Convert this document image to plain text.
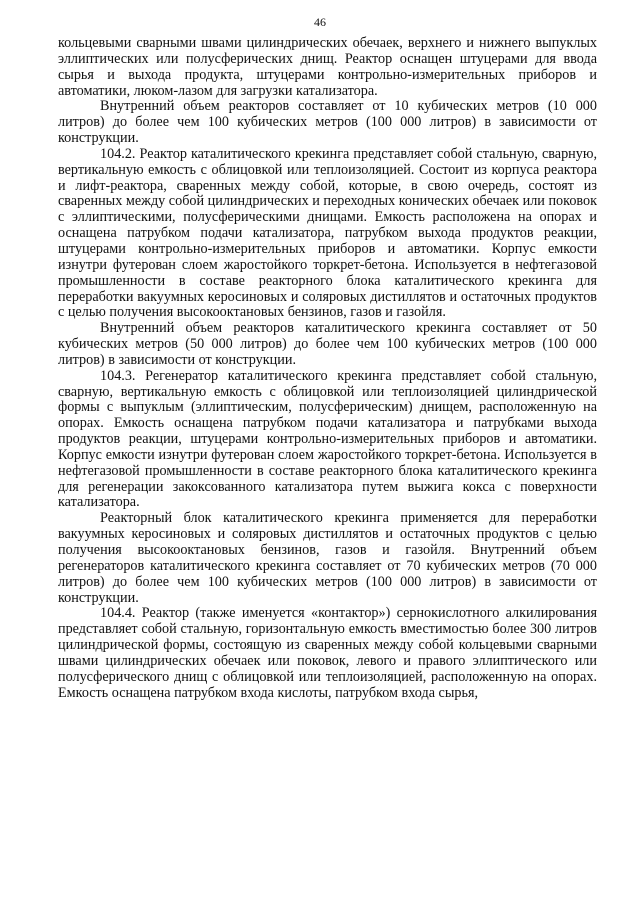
46

кольцевыми сварными швами цилиндрических обечаек, верхнего и нижнего выпуклых эллиптических или полусферических днищ. Реактор оснащен штуцерами для ввода сырья и выхода продукта, штуцерами контрольно-измерительных приборов и автоматики, люком-лазом для загрузки катализатора.

Внутренний объем реакторов составляет от 10 кубических метров (10 000 литров) до более чем 100 кубических метров (100 000 литров) в зависимости от конструкции.

104.2. Реактор каталитического крекинга представляет собой стальную, сварную, вертикальную емкость с облицовкой или теплоизоляцией. Состоит из корпуса реактора и лифт-реактора, сваренных между собой, которые, в свою очередь, состоят из сваренных между собой цилиндрических и переходных конических обечаек или поковок с эллиптическими, полусферическими днищами. Емкость расположена на опорах и оснащена патрубком подачи катализатора, патрубком выхода продуктов реакции, штуцерами контрольно-измерительных приборов и автоматики. Корпус емкости изнутри футерован слоем жаростойкого торкрет-бетона. Используется в нефтегазовой промышленности в составе реакторного блока каталитического крекинга для переработки вакуумных керосиновых и соляровых дистиллятов и остаточных продуктов с целью получения высокооктановых бензинов, газов и газойля.

Внутренний объем реакторов каталитического крекинга составляет от 50 кубических метров (50 000 литров) до более чем 100 кубических метров (100 000 литров) в зависимости от конструкции.

104.3. Регенератор каталитического крекинга представляет собой стальную, сварную, вертикальную емкость с облицовкой или теплоизоляцией цилиндрической формы с выпуклым (эллиптическим, полусферическим) днищем, расположенную на опорах. Емкость оснащена патрубком подачи катализатора и патрубками выхода продуктов реакции, штуцерами контрольно-измерительных приборов и автоматики. Корпус емкости изнутри футерован слоем жаростойкого торкрет-бетона. Используется в нефтегазовой промышленности в составе реакторного блока каталитического крекинга для регенерации закоксованного катализатора путем выжига кокса с поверхности катализатора.

Реакторный блок каталитического крекинга применяется для переработки вакуумных керосиновых и соляровых дистиллятов и остаточных продуктов с целью получения высокооктановых бензинов, газов и газойля. Внутренний объем регенераторов каталитического крекинга составляет от 70 кубических метров (70 000 литров) до более чем 100 кубических метров (100 000 литров) в зависимости от конструкции.

104.4. Реактор (также именуется «контактор») сернокислотного алкилирования представляет собой стальную, горизонтальную емкость вместимостью более 300 литров цилиндрической формы, состоящую из сваренных между собой кольцевыми сварными швами цилиндрических обечаек или поковок, левого и правого эллиптического или полусферического днищ с облицовкой или теплоизоляцией, расположенную на опорах. Емкость оснащена патрубком входа кислоты, патрубком входа сырья,
